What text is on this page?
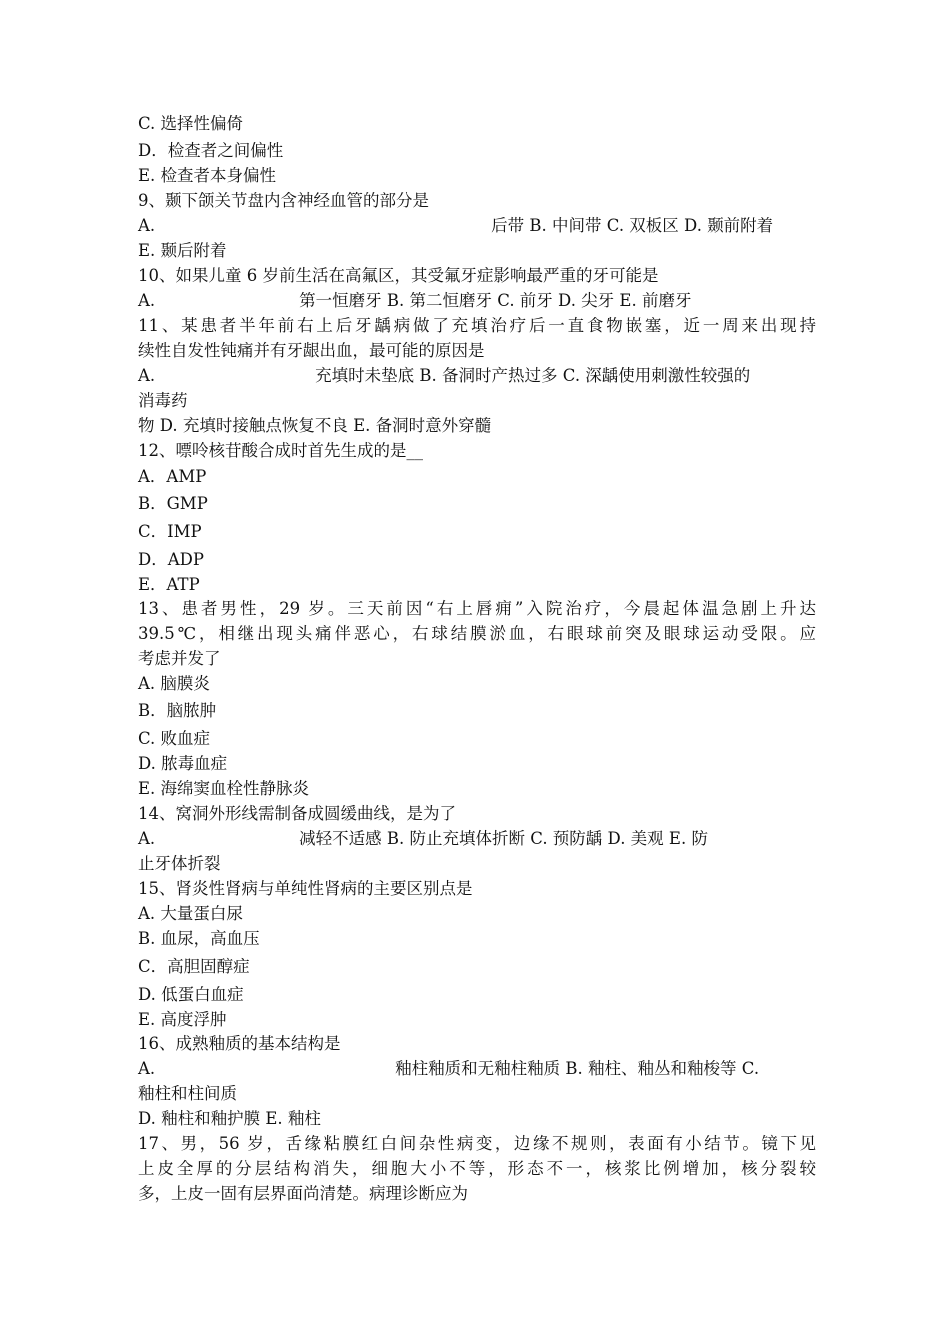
C. 选择性偏倚
D．检查者之间偏性
E. 检查者本身偏性
9、颞下颌关节盘内含神经血管的部分是
A.	后带 B. 中间带 C. 双板区 D. 颞前附着
E. 颞后附着
10、如果儿童 6 岁前生活在高氟区，其受氟牙症影响最严重的牙可能是
A.	第一恒磨牙 B. 第二恒磨牙 C. 前牙 D. 尖牙 E. 前磨牙
11、某患者半年前右上后牙龋病做了充填治疗后一直食物嵌塞，近一周来出现持
续性自发性钝痛并有牙龈出血，最可能的原因是
A.	充填时未垫底 B. 备洞时产热过多 C. 深龋使用刺激性较强的
消毒药
物 D. 充填时接触点恢复不良 E. 备洞时意外穿髓
12、嘌呤核苷酸合成时首先生成的是__
A．AMP
B．GMP
C．IMP
D．ADP
E．ATP
13、患者男性，29 岁。三天前因“右上唇痈”入院治疗，今晨起体温急剧上升达
39.5℃，相继出现头痛伴恶心，右球结膜淤血，右眼球前突及眼球运动受限。应
考虑并发了
A. 脑膜炎
B．脑脓肿
C. 败血症
D. 脓毒血症
E. 海绵窦血栓性静脉炎
14、窝洞外形线需制备成圆缓曲线，是为了
A.	减轻不适感 B. 防止充填体折断 C. 预防龋 D. 美观 E. 防
止牙体折裂
15、肾炎性肾病与单纯性肾病的主要区别点是
A. 大量蛋白尿
B. 血尿，高血压
C．高胆固醇症
D. 低蛋白血症
E. 高度浮肿
16、成熟釉质的基本结构是
A.	釉柱釉质和无釉柱釉质 B. 釉柱、釉丛和釉梭等 C.
釉柱和柱间质
D. 釉柱和釉护膜 E. 釉柱
17、男，56 岁，舌缘粘膜红白间杂性病变，边缘不规则，表面有小结节。镜下见
上皮全厚的分层结构消失，细胞大小不等，形态不一，核浆比例增加，核分裂较
多，上皮一固有层界面尚清楚。病理诊断应为
